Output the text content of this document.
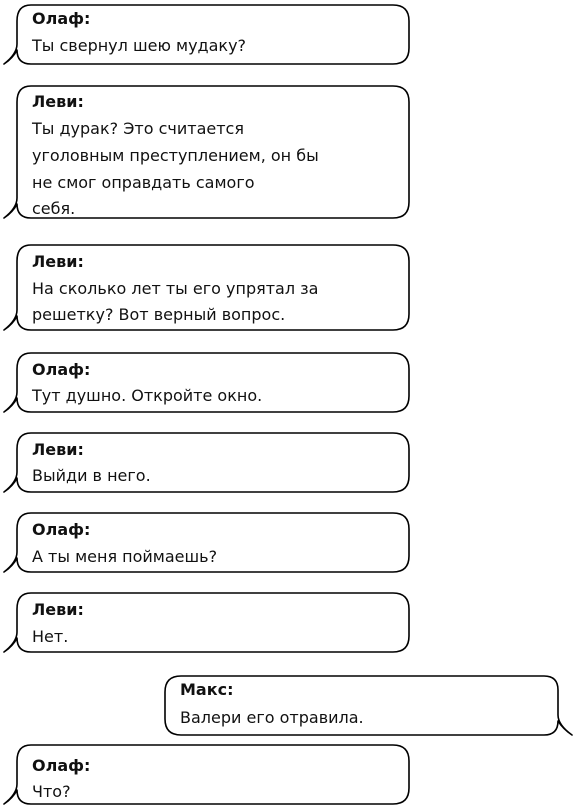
Олаф:
Ты свернул шею мудаку?
Леви:
Ты дурак? Это считается
уголовным преступлением, он бы
не смог оправдать самого
себя.
Леви:
На сколько лет ты его упрятал за
решетку? Вот верный вопрос.
Олаф:
Тут душно. Откройте окно.
Леви:
Выйди в него.
Олаф:
А ты меня поймаешь?
Леви:
Нет.
Макс:
Валери его отравила.
Олаф:
Что?
